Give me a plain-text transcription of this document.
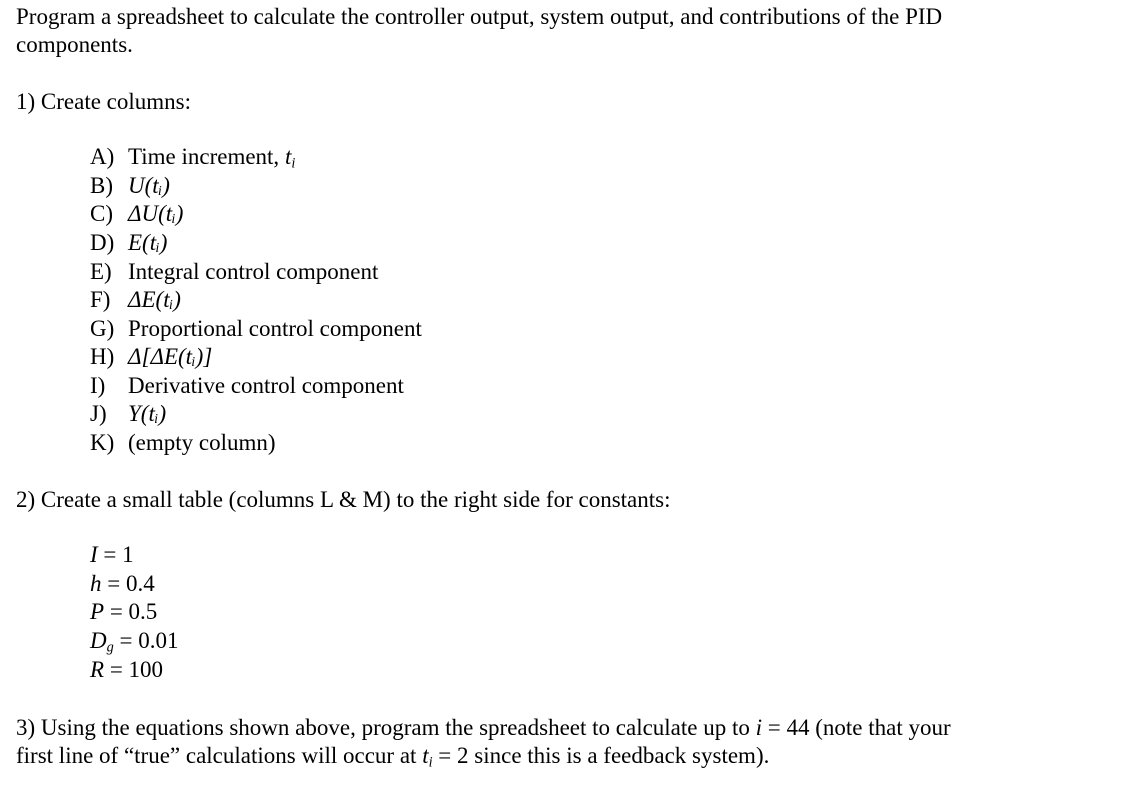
Program a spreadsheet to calculate the controller output, system output, and contributions of the PID
components.
1) Create columns:
A) Time increment, $t_i$
B) U(tᵢ)
C) ΔU(tᵢ)
D) E(tᵢ)
E) Integral control component
F) ΔE(tᵢ)
G) Proportional control component
H) Δ[ΔE(tᵢ)]
I) Derivative control component
J) Y(tᵢ)
K) (empty column)
2) Create a small table (columns L & M) to the right side for constants:
I = 1
h = 0.4
P = 0.5
$D_g = 0.01$
R = 100
3) Using the equations shown above, program the spreadsheet to calculate up to i = 44 (note that your
first line of “true” calculations will occur at $t_i = 2$ since this is a feedback system).
